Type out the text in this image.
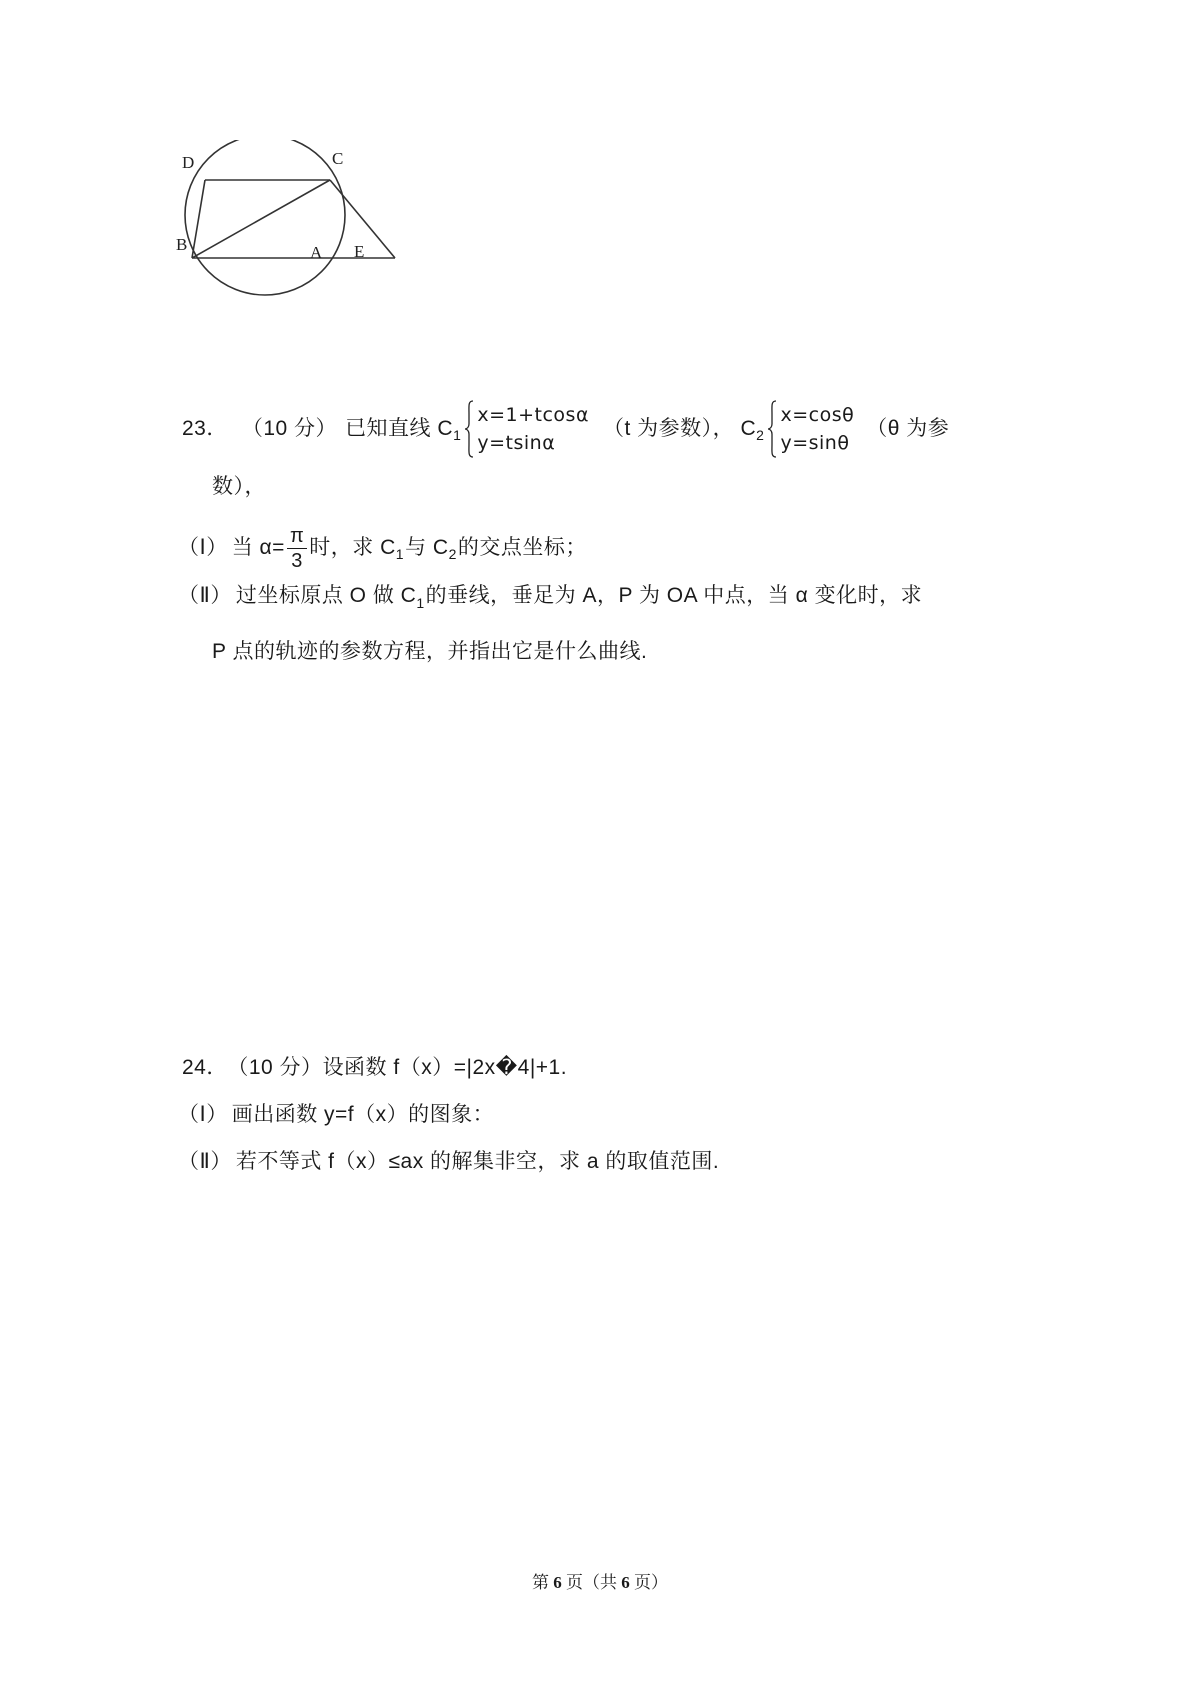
D	C
B	A E
23． （10 分） 已知直线 C 1
x=1+tcosα
y=tsinα
（t 为参数）， C 2
x=cosθ
y=sinθ
（θ 为参
数），
（Ⅰ） 当 $\alpha= \frac{\pi}{3}$ 时，求 C 1 与 C 2 的交点坐标；
（Ⅱ） 过坐标原点 O 做 $C_1$的垂线，垂足为 A，P 为 OA 中点，当 α 变化时，求
P 点的轨迹的参数方程，并指出它是什么曲线.
24． （10 分）设函数 f（x）=|2x�4|+1.
（Ⅰ） 画出函数 y=f（x）的图象：
（Ⅱ） 若不等式 f（x）≤ax 的解集非空，求 a 的取值范围.
第 6 页（共 6 页）
